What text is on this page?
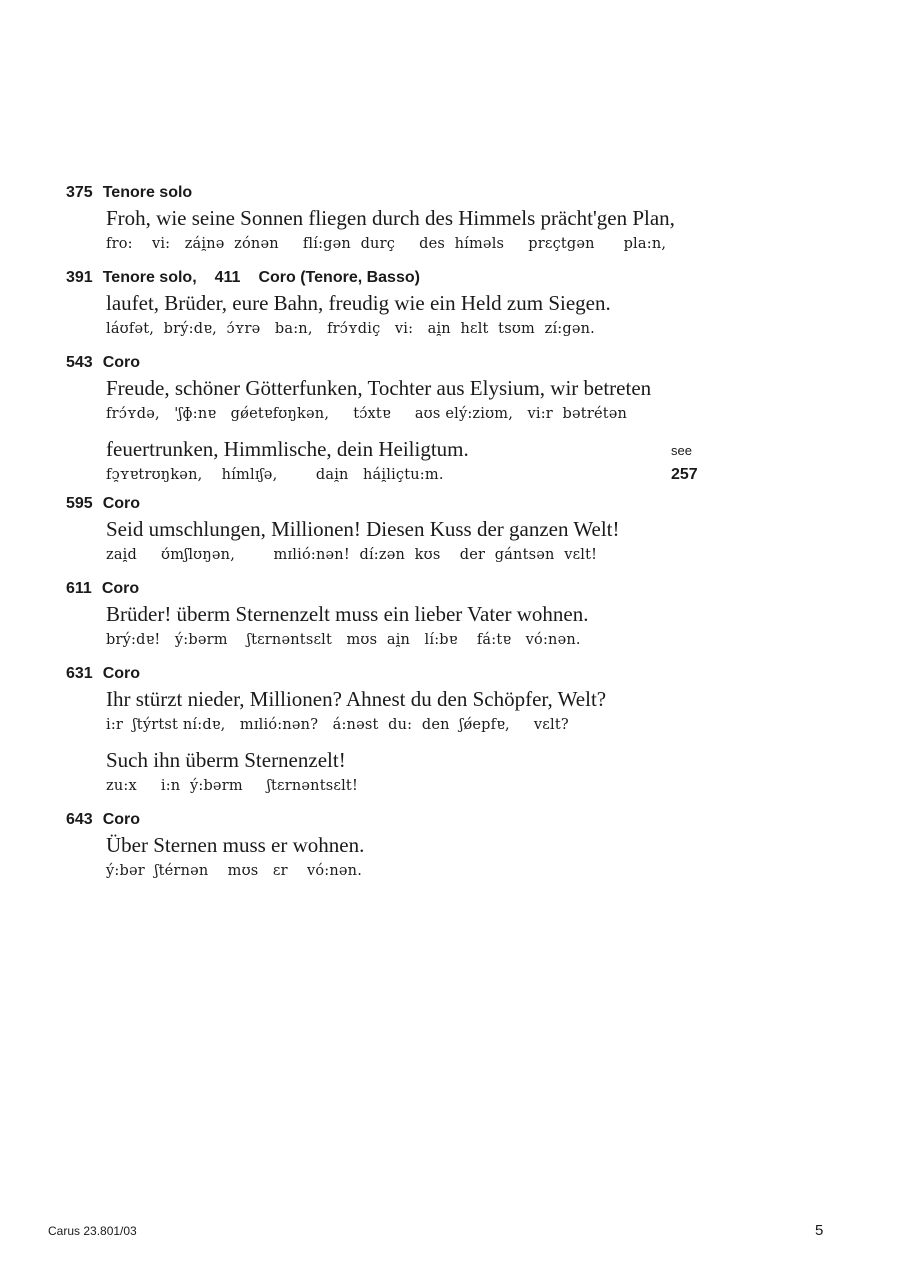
375 Tenore solo
Froh, wie seine Sonnen fliegen durch des Himmels prächt'gen Plan,
fro:    vi:   zái̯nə  zónən     flí:gən  durç     des  híməls     prɛçtgən      pla:n,
391 Tenore solo, 411 Coro (Tenore, Basso)
laufet, Brüder, eure Bahn, freudig wie ein Held zum Siegen.
láʊfət,  brý:dɐ,  ɔ́ʏrə   ba:n,   frɔ́ʏdiç   vi:   ai̯n  hɛlt  tsʊm  zí:gən.
543 Coro
Freude, schöner Götterfunken, Tochter aus Elysium, wir betreten
frɔ́ʏdə,   'ʃɸ:nɐ   gǿetɐfʊŋkən,     tɔ́xtɐ     aʊs elý:ziʊm,   vi:r  bətrétən
feuertrunken, Himmlische, dein Heiligtum.
fɔ̯ʏɐtrʊŋkən,    hímlɪʃə,        dai̯n   hái̯liçtu:m.
see
257
595 Coro
Seid umschlungen, Millionen! Diesen Kuss der ganzen Welt!
zai̯d     ʊ́mʃlʊŋən,        mɪlió:nən!  dí:zən  kʊs    der  gántsən  vɛlt!
611 Coro
Brüder! überm Sternenzelt muss ein lieber Vater wohnen.
brý:dɐ!   ý:bərm    ʃtɛrnəntsɛlt   mʊs  ai̯n   lí:bɐ    fá:tɐ   vó:nən.
631 Coro
Ihr stürzt nieder, Millionen? Ahnest du den Schöpfer, Welt?
i:r  ʃtýrtst ní:dɐ,   mɪlió:nən?   á:nəst  du:  den  ʃǿepfɐ,     vɛlt?
Such ihn überm Sternenzelt!
zu:x     i:n  ý:bərm     ʃtɛrnəntsɛlt!
643 Coro
Über Sternen muss er wohnen.
ý:bər  ʃtérnən    mʊs   ɛr    vó:nən.
Carus 23.801/03	5
